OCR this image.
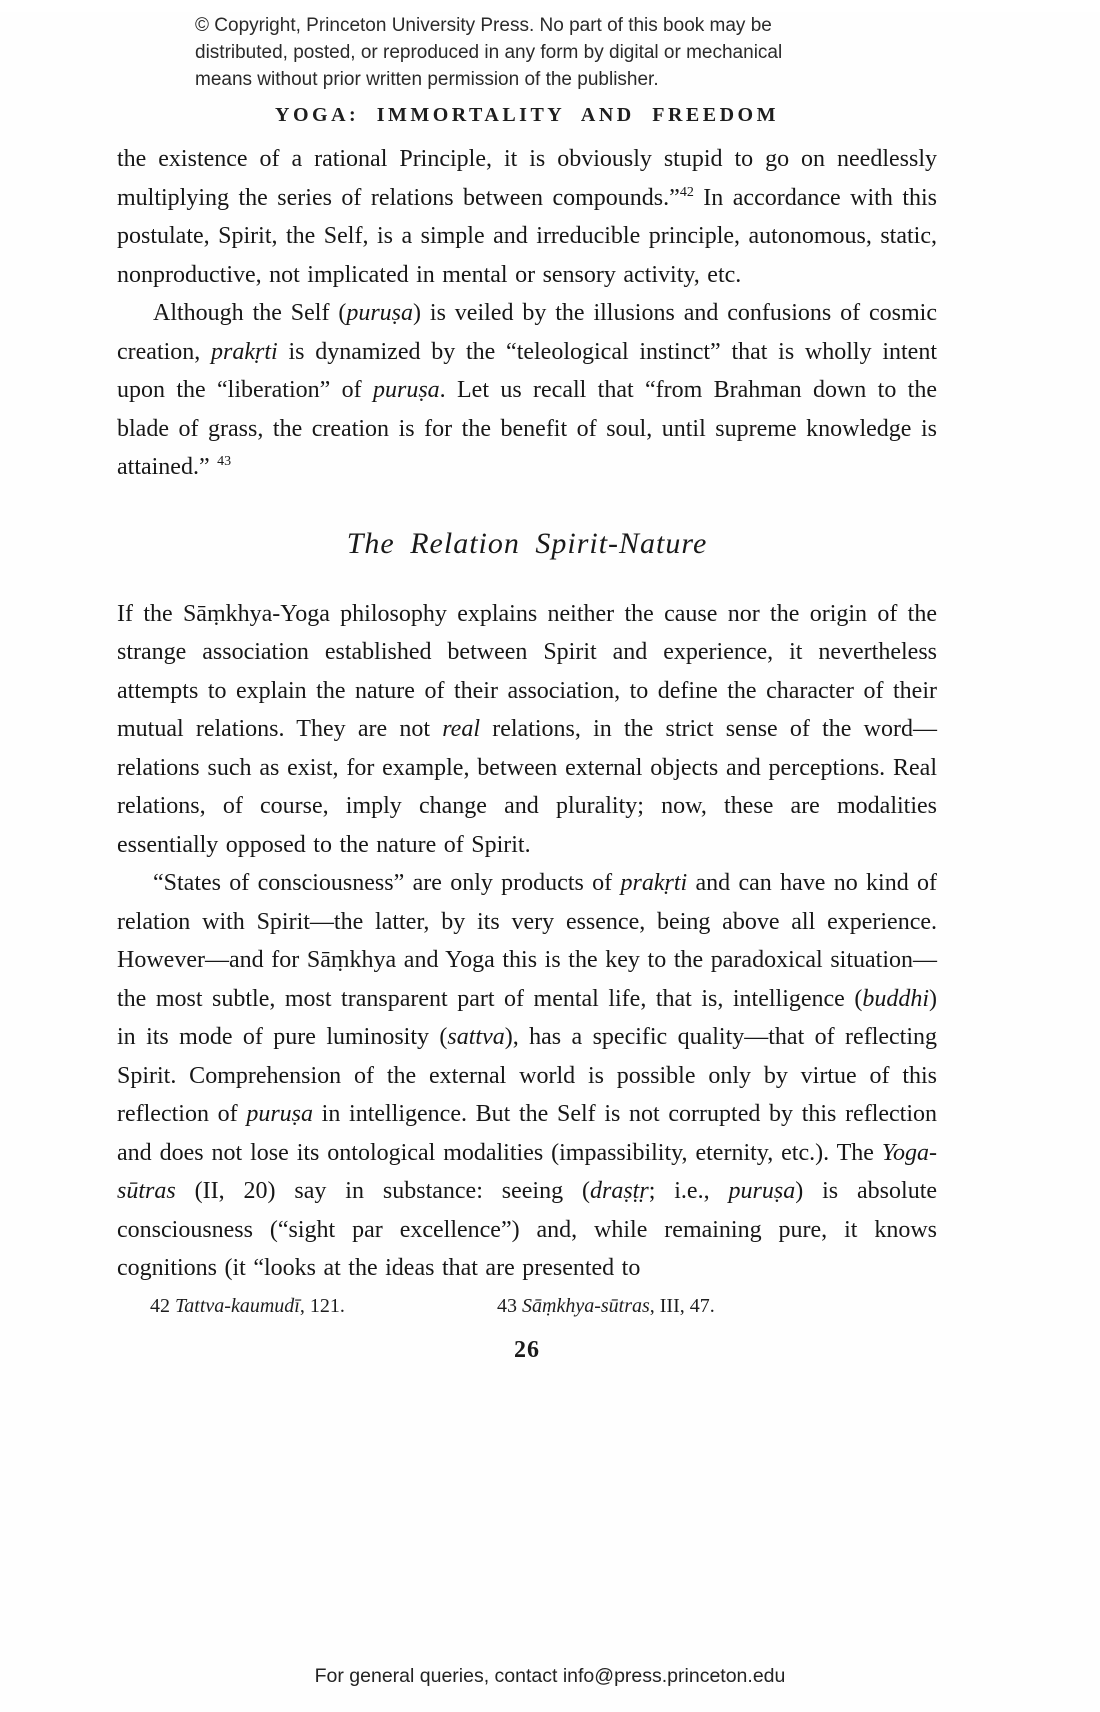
© Copyright, Princeton University Press. No part of this book may be
distributed, posted, or reproduced in any form by digital or mechanical
means without prior written permission of the publisher.
YOGA: IMMORTALITY AND FREEDOM

the existence of a rational Principle, it is obviously stupid to go on needlessly multiplying the series of relations between compounds.”$^{42}$ In accordance with this postulate, Spirit, the Self, is a simple and irreducible principle, autonomous, static, nonproductive, not implicated in mental or sensory activity, etc.

Although the Self (puruṣa) is veiled by the illusions and confusions of cosmic creation, prakṛti is dynamized by the “teleological instinct” that is wholly intent upon the “liberation” of puruṣa. Let us recall that “from Brahman down to the blade of grass, the creation is for the benefit of soul, until supreme knowledge is attained.” $^{43}$

The Relation Spirit-Nature

If the Sāṃkhya-Yoga philosophy explains neither the cause nor the origin of the strange association established between Spirit and experience, it nevertheless attempts to explain the nature of their association, to define the character of their mutual relations. They are not real relations, in the strict sense of the word—relations such as exist, for example, between external objects and perceptions. Real relations, of course, imply change and plurality; now, these are modalities essentially opposed to the nature of Spirit.

“States of consciousness” are only products of prakṛti and can have no kind of relation with Spirit—the latter, by its very essence, being above all experience. However—and for Sāṃkhya and Yoga this is the key to the paradoxical situation—the most subtle, most transparent part of mental life, that is, intelligence (buddhi) in its mode of pure luminosity (sattva), has a specific quality—that of reflecting Spirit. Comprehension of the external world is possible only by virtue of this reflection of puruṣa in intelligence. But the Self is not corrupted by this reflection and does not lose its ontological modalities (impassibility, eternity, etc.). The Yoga-sūtras (II, 20) say in substance: seeing (draṣṭṛ; i.e., puruṣa) is absolute consciousness (“sight par excellence”) and, while remaining pure, it knows cognitions (it “looks at the ideas that are presented to

42 Tattva-kaumudī, 121.	43 Sāṃkhya-sūtras, III, 47.
26
For general queries, contact info@press.princeton.edu
